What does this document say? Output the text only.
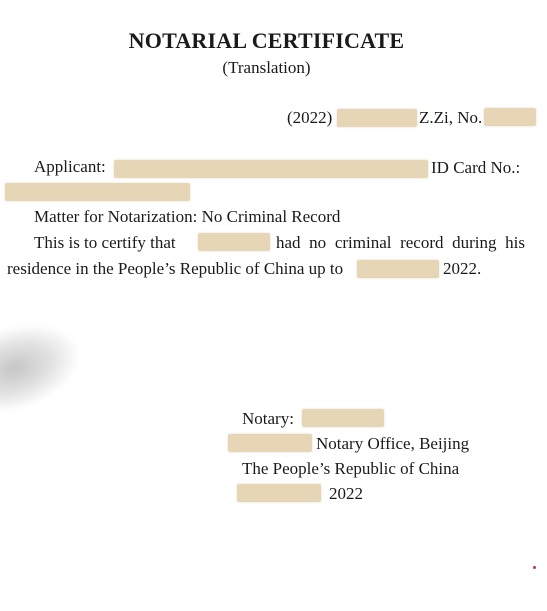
NOTARIAL CERTIFICATE
(Translation)
(2022)	Z.Zi, No.
Applicant:	ID Card No.:
Matter for Notarization: No Criminal Record
This is to certify that	had no criminal record during his
residence in the People’s Republic of China up to	2022.
Notary:
Notary Office, Beijing
The People’s Republic of China
2022
